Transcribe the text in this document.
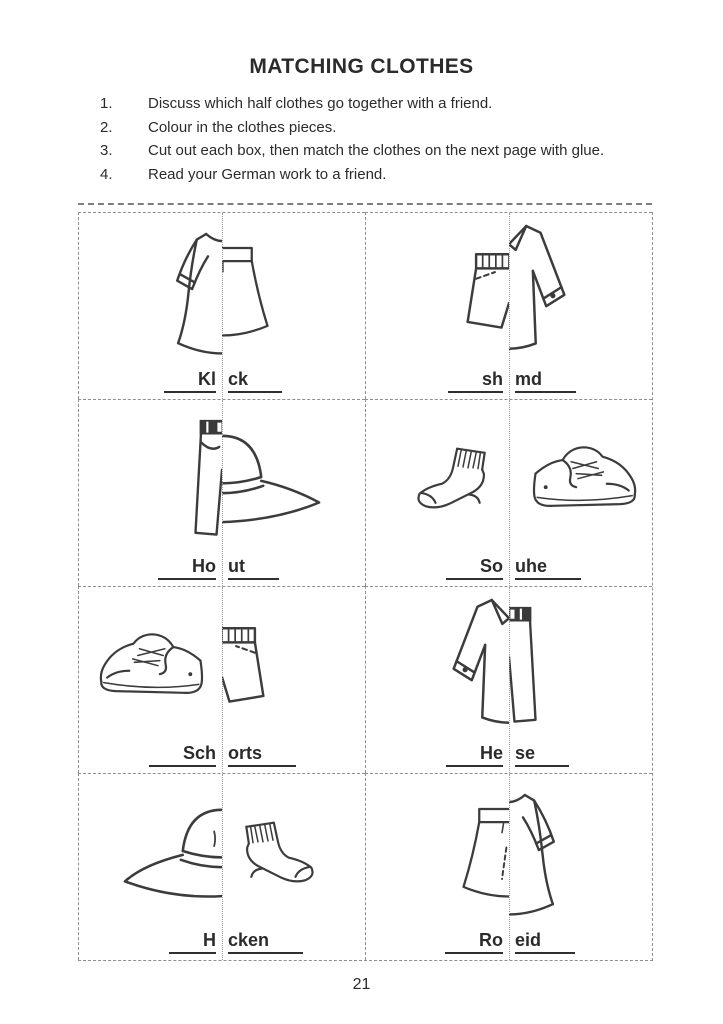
MATCHING CLOTHES
1.	Discuss which half clothes go together with a friend.
2.	Colour in the clothes pieces.
3.	Cut out each box, then match the clothes on the next page with glue.
4.	Read your German work to a friend.
Kl ck	sh md
Ho ut	So uhe
Sch orts	He se
H cken	Ro eid
21
